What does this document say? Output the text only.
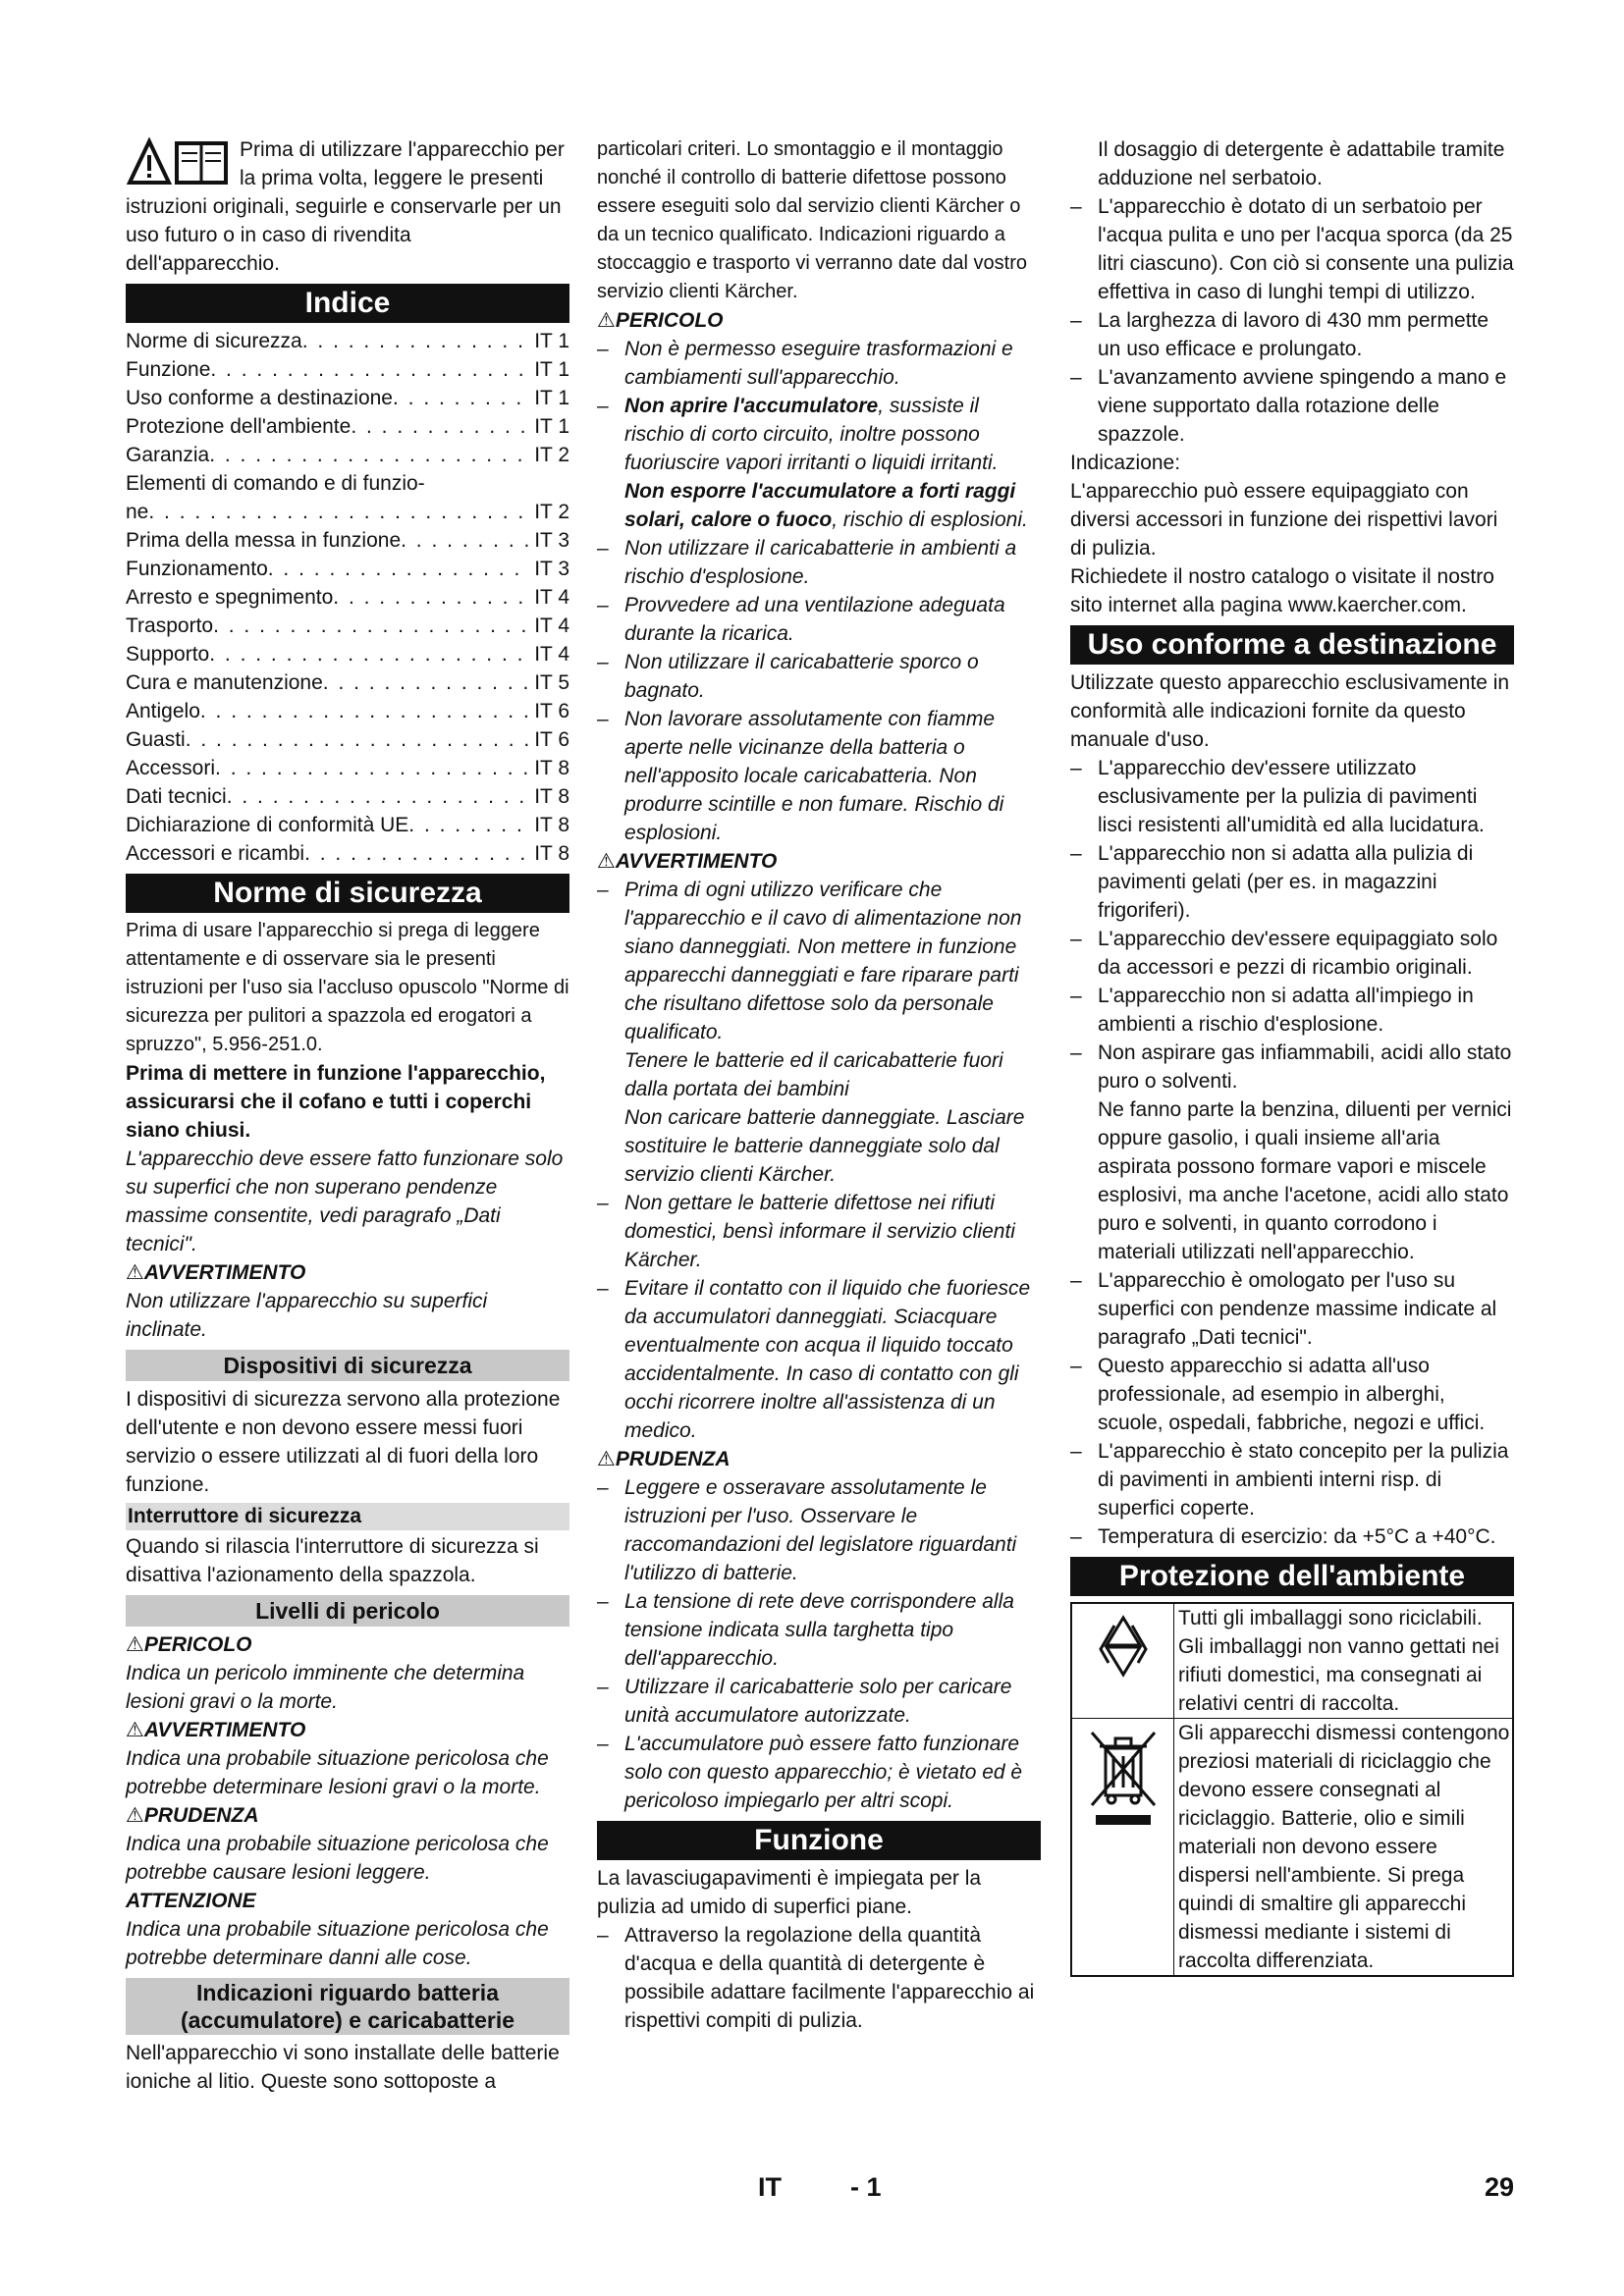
Prima di utilizzare l'apparecchio per la prima volta, leggere le presenti istruzioni originali, seguirle e conservarle per un uso futuro o in caso di rivendita dell'apparecchio.

Indice
Norme di sicurezza . . .	IT 1
Funzione . . .	IT 1
Uso conforme a destinazione . . .	IT 1
Protezione dell'ambiente . . .	IT 1
Garanzia . . .	IT 2
Elementi di comando e di funzio-
ne . . .	IT 2
Prima della messa in funzione . . .	IT 3
Funzionamento . . .	IT 3
Arresto e spegnimento . . .	IT 4
Trasporto . . .	IT 4
Supporto . . .	IT 4
Cura e manutenzione . . .	IT 5
Antigelo . . .	IT 6
Guasti . . .	IT 6
Accessori . . .	IT 8
Dati tecnici . . .	IT 8
Dichiarazione di conformità UE . . .	IT 8
Accessori e ricambi . . .	IT 8
Norme di sicurezza

Prima di usare l'apparecchio si prega di leggere attentamente e di osservare sia le presenti istruzioni per l'uso sia l'accluso opuscolo "Norme di sicurezza per pulitori a spazzola ed erogatori a spruzzo", 5.956-251.0.

Prima di mettere in funzione l'apparecchio, assicurarsi che il cofano e tutti i coperchi siano chiusi.

L'apparecchio deve essere fatto funzionare solo su superfici che non superano pendenze massime consentite, vedi paragrafo „Dati tecnici".

⚠AVVERTIMENTO

Non utilizzare l'apparecchio su superfici inclinate.

Dispositivi di sicurezza

I dispositivi di sicurezza servono alla protezione dell'utente e non devono essere messi fuori servizio o essere utilizzati al di fuori della loro funzione.

Interruttore di sicurezza

Quando si rilascia l'interruttore di sicurezza si disattiva l'azionamento della spazzola.

Livelli di pericolo

⚠PERICOLO

Indica un pericolo imminente che determina lesioni gravi o la morte.

⚠AVVERTIMENTO

Indica una probabile situazione pericolosa che potrebbe determinare lesioni gravi o la morte.

⚠PRUDENZA

Indica una probabile situazione pericolosa che potrebbe causare lesioni leggere.

ATTENZIONE

Indica una probabile situazione pericolosa che potrebbe determinare danni alle cose.

Indicazioni riguardo batteria (accumulatore) e caricabatterie

Nell'apparecchio vi sono installate delle batterie ioniche al litio. Queste sono sottoposte a

particolari criteri. Lo smontaggio e il montaggio nonché il controllo di batterie difettose possono essere eseguiti solo dal servizio clienti Kärcher o da un tecnico qualificato. Indicazioni riguardo a stoccaggio e trasporto vi verranno date dal vostro servizio clienti Kärcher.

⚠PERICOLO

– Non è permesso eseguire trasformazioni e cambiamenti sull'apparecchio.
– Non aprire l'accumulatore, sussiste il rischio di corto circuito, inoltre possono fuoriuscire vapori irritanti o liquidi irritanti.
Non esporre l'accumulatore a forti raggi solari, calore o fuoco, rischio di esplosioni.
– Non utilizzare il caricabatterie in ambienti a rischio d'esplosione.
– Provvedere ad una ventilazione adeguata durante la ricarica.
– Non utilizzare il caricabatterie sporco o bagnato.
– Non lavorare assolutamente con fiamme aperte nelle vicinanze della batteria o nell'apposito locale caricabatteria. Non produrre scintille e non fumare. Rischio di esplosioni.

⚠AVVERTIMENTO

– Prima di ogni utilizzo verificare che l'apparecchio e il cavo di alimentazione non siano danneggiati. Non mettere in funzione apparecchi danneggiati e fare riparare parti che risultano difettose solo da personale qualificato.
Tenere le batterie ed il caricabatterie fuori dalla portata dei bambini
Non caricare batterie danneggiate. Lasciare sostituire le batterie danneggiate solo dal servizio clienti Kärcher.
– Non gettare le batterie difettose nei rifiuti domestici, bensì informare il servizio clienti Kärcher.
– Evitare il contatto con il liquido che fuoriesce da accumulatori danneggiati. Sciacquare eventualmente con acqua il liquido toccato accidentalmente. In caso di contatto con gli occhi ricorrere inoltre all'assistenza di un medico.

⚠PRUDENZA

– Leggere e osseravare assolutamente le istruzioni per l'uso. Osservare le raccomandazioni del legislatore riguardanti l'utilizzo di batterie.
– La tensione di rete deve corrispondere alla tensione indicata sulla targhetta tipo dell'apparecchio.
– Utilizzare il caricabatterie solo per caricare unità accumulatore autorizzate.
– L'accumulatore può essere fatto funzionare solo con questo apparecchio; è vietato ed è pericoloso impiegarlo per altri scopi.
Funzione

La lavasciugapavimenti è impiegata per la pulizia ad umido di superfici piane.

– Attraverso la regolazione della quantità d'acqua e della quantità di detergente è possibile adattare facilmente l'apparecchio ai rispettivi compiti di pulizia.
Il dosaggio di detergente è adattabile tramite adduzione nel serbatoio.
– L'apparecchio è dotato di un serbatoio per l'acqua pulita e uno per l'acqua sporca (da 25 litri ciascuno). Con ciò si consente una pulizia effettiva in caso di lunghi tempi di utilizzo.
– La larghezza di lavoro di 430 mm permette un uso efficace e prolungato.
– L'avanzamento avviene spingendo a mano e viene supportato dalla rotazione delle spazzole.

Indicazione:

L'apparecchio può essere equipaggiato con diversi accessori in funzione dei rispettivi lavori di pulizia.

Richiedete il nostro catalogo o visitate il nostro sito internet alla pagina www.kaercher.com.

Uso conforme a destinazione

Utilizzate questo apparecchio esclusivamente in conformità alle indicazioni fornite da questo manuale d'uso.

– L'apparecchio dev'essere utilizzato esclusivamente per la pulizia di pavimenti lisci resistenti all'umidità ed alla lucidatura.
– L'apparecchio non si adatta alla pulizia di pavimenti gelati (per es. in magazzini frigoriferi).
– L'apparecchio dev'essere equipaggiato solo da accessori e pezzi di ricambio originali.
– L'apparecchio non si adatta all'impiego in ambienti a rischio d'esplosione.
– Non aspirare gas infiammabili, acidi allo stato puro o solventi.
Ne fanno parte la benzina, diluenti per vernici oppure gasolio, i quali insieme all'aria aspirata possono formare vapori e miscele esplosivi, ma anche l'acetone, acidi allo stato puro e solventi, in quanto corrodono i materiali utilizzati nell'apparecchio.
– L'apparecchio è omologato per l'uso su superfici con pendenze massime indicate al paragrafo „Dati tecnici".
– Questo apparecchio si adatta all'uso professionale, ad esempio in alberghi, scuole, ospedali, fabbriche, negozi e uffici.
– L'apparecchio è stato concepito per la pulizia di pavimenti in ambienti interni risp. di superfici coperte.
– Temperatura di esercizio: da +5°C a +40°C.
Protezione dell'ambiente
Tutti gli imballaggi sono riciclabili. Gli imballaggi non vanno gettati nei rifiuti domestici, ma consegnati ai relativi centri di raccolta.
Gli apparecchi dismessi contengono preziosi materiali di riciclaggio che devono essere consegnati al riciclaggio. Batterie, olio e simili materiali non devono essere dispersi nell'ambiente. Si prega quindi di smaltire gli apparecchi dismessi mediante i sistemi di raccolta differenziata.
IT	- 1	29
